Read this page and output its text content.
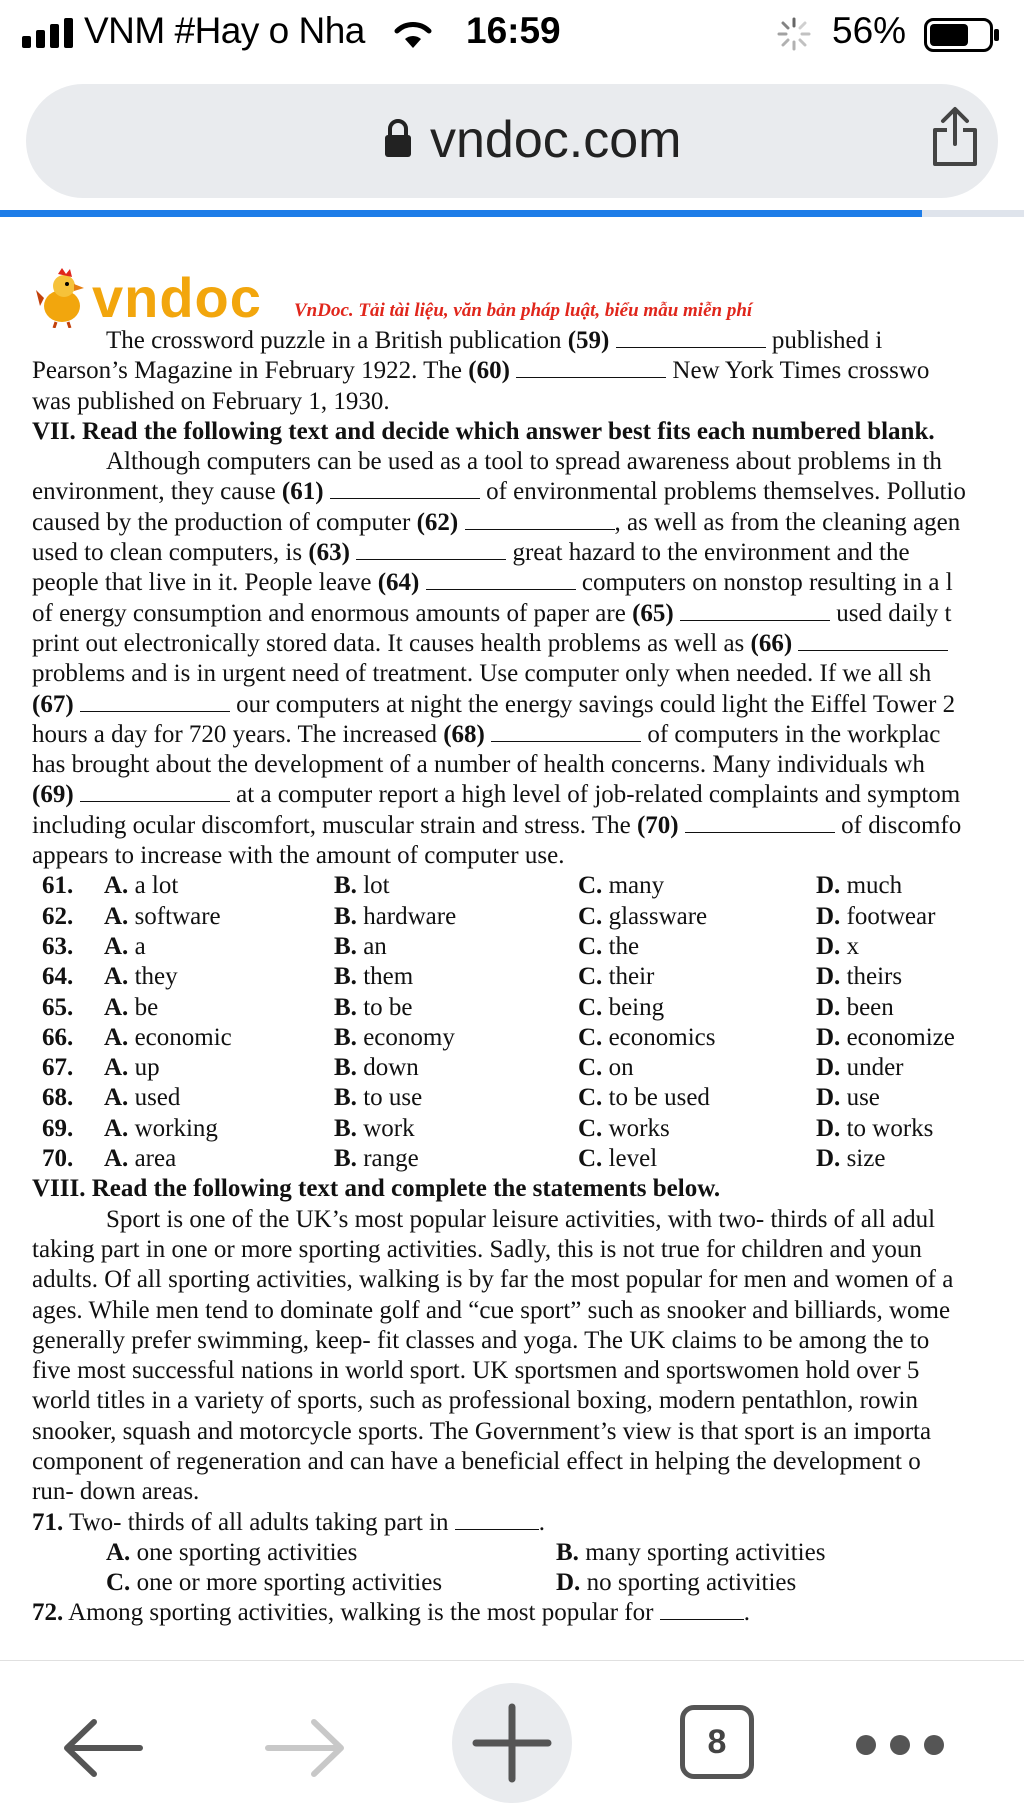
VNM #Hay o Nha	16:59	56%
vndoc.com
vndoc VnDoc. Tải tài liệu, văn bản pháp luật, biểu mẫu miễn phí
The crossword puzzle in a British publication (59)	published i
Pearson’s Magazine in February 1922. The (60)	New York Times crosswo
was published on February 1, 1930.
VII. Read the following text and decide which answer best fits each numbered blank.
Although computers can be used as a tool to spread awareness about problems in th
environment, they cause (61)	of environmental problems themselves. Pollutio
caused by the production of computer (62)	, as well as from the cleaning agen
used to clean computers, is (63)	great hazard to the environment and the
people that live in it. People leave (64)	computers on nonstop resulting in a l
of energy consumption and enormous amounts of paper are (65)	used daily t
print out electronically stored data. It causes health problems as well as (66)
problems and is in urgent need of treatment. Use computer only when needed. If we all sh
(67)	our computers at night the energy savings could light the Eiffel Tower 2
hours a day for 720 years. The increased (68)	of computers in the workplac
has brought about the development of a number of health concerns. Many individuals wh
(69)	at a computer report a high level of job-related complaints and symptom
including ocular discomfort, muscular strain and stress. The (70)	of discomfo
appears to increase with the amount of computer use.
61. A. a lot	B. lot	C. many	D. much
62. A. software	B. hardware	C. glassware	D. footwear
63. A. a	B. an	C. the	D. x
64. A. they	B. them	C. their	D. theirs
65. A. be	B. to be	C. being	D. been
66. A. economic	B. economy	C. economics	D. economize
67. A. up	B. down	C. on	D. under
68. A. used	B. to use	C. to be used	D. use
69. A. working	B. work	C. works	D. to works
70. A. area	B. range	C. level	D. size
VIII. Read the following text and complete the statements below.
Sport is one of the UK’s most popular leisure activities, with two- thirds of all adul
taking part in one or more sporting activities. Sadly, this is not true for children and youn
adults. Of all sporting activities, walking is by far the most popular for men and women of a
ages. While men tend to dominate golf and “cue sport” such as snooker and billiards, wome
generally prefer swimming, keep- fit classes and yoga. The UK claims to be among the to
five most successful nations in world sport. UK sportsmen and sportswomen hold over 5
world titles in a variety of sports, such as professional boxing, modern pentathlon, rowin
snooker, squash and motorcycle sports. The Government’s view is that sport is an importa
component of regeneration and can have a beneficial effect in helping the development o
run- down areas.
71. Two- thirds of all adults taking part in	.
A. one sporting activities	B. many sporting activities
C. one or more sporting activities	D. no sporting activities
72. Among sporting activities, walking is the most popular for	.
8
